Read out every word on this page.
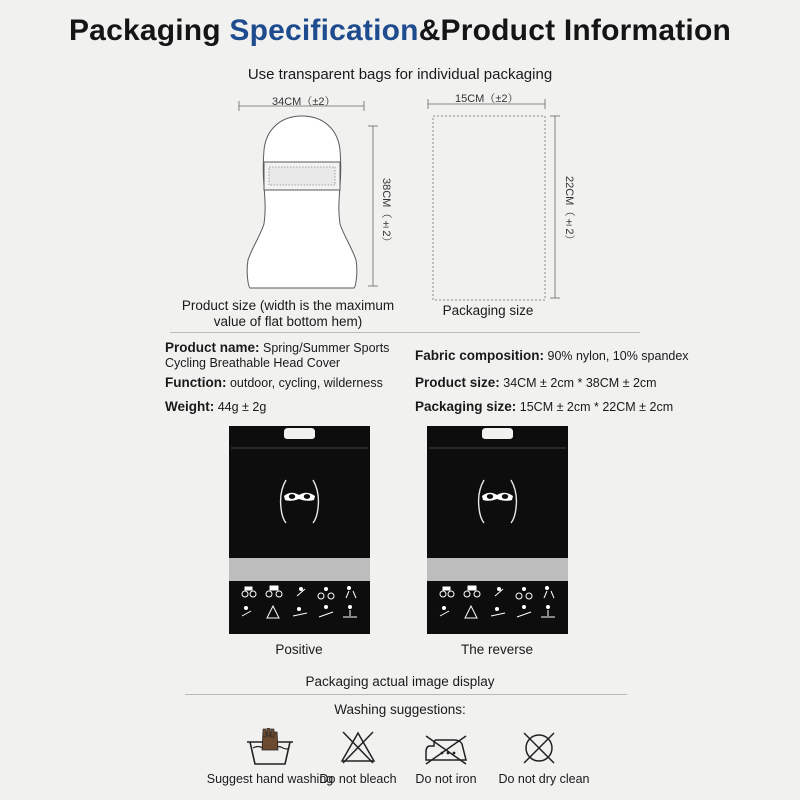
Packaging Specification&Product Information
Use transparent bags for individual packaging
34CM（±2）
38CM（±2）
15CM（±2）
22CM（±2）
Product size (width is the maximum
value of flat bottom hem)
Packaging size
Product name: Spring/Summer Sports
Cycling Breathable Head Cover
Function: outdoor, cycling, wilderness
Weight: 44g ± 2g
Fabric composition: 90% nylon, 10% spandex
Product size: 34CM ± 2cm * 38CM ± 2cm
Packaging size: 15CM ± 2cm * 22CM ± 2cm
Positive	The reverse
Packaging actual image display
Washing suggestions:
Suggest hand washing
Do not bleach	Do not iron	Do not dry clean
